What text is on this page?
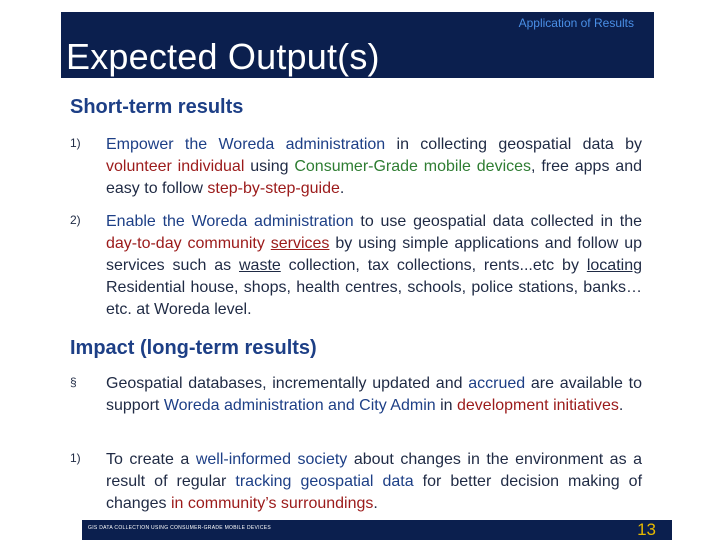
Expected Output(s)
Application of Results
Short-term results
1) Empower the Woreda administration in collecting geospatial data by volunteer individual using Consumer-Grade mobile devices, free apps and easy to follow step-by-step-guide.
2) Enable the Woreda administration to use geospatial data collected in the day-to-day community services by using simple applications and follow up services such as waste collection, tax collections, rents...etc by locating Residential house, shops, health centres, schools, police stations, banks… etc. at Woreda level.
Impact (long-term results)
§ Geospatial databases, incrementally updated and accrued are available to support Woreda administration and City Admin in development initiatives.
1) To create a well-informed society about changes in the environment as a result of regular tracking geospatial data for better decision making of changes in community’s surroundings.
GIS DATA COLLECTION USING CONSUMER-GRADE MOBILE DEVICES	13
